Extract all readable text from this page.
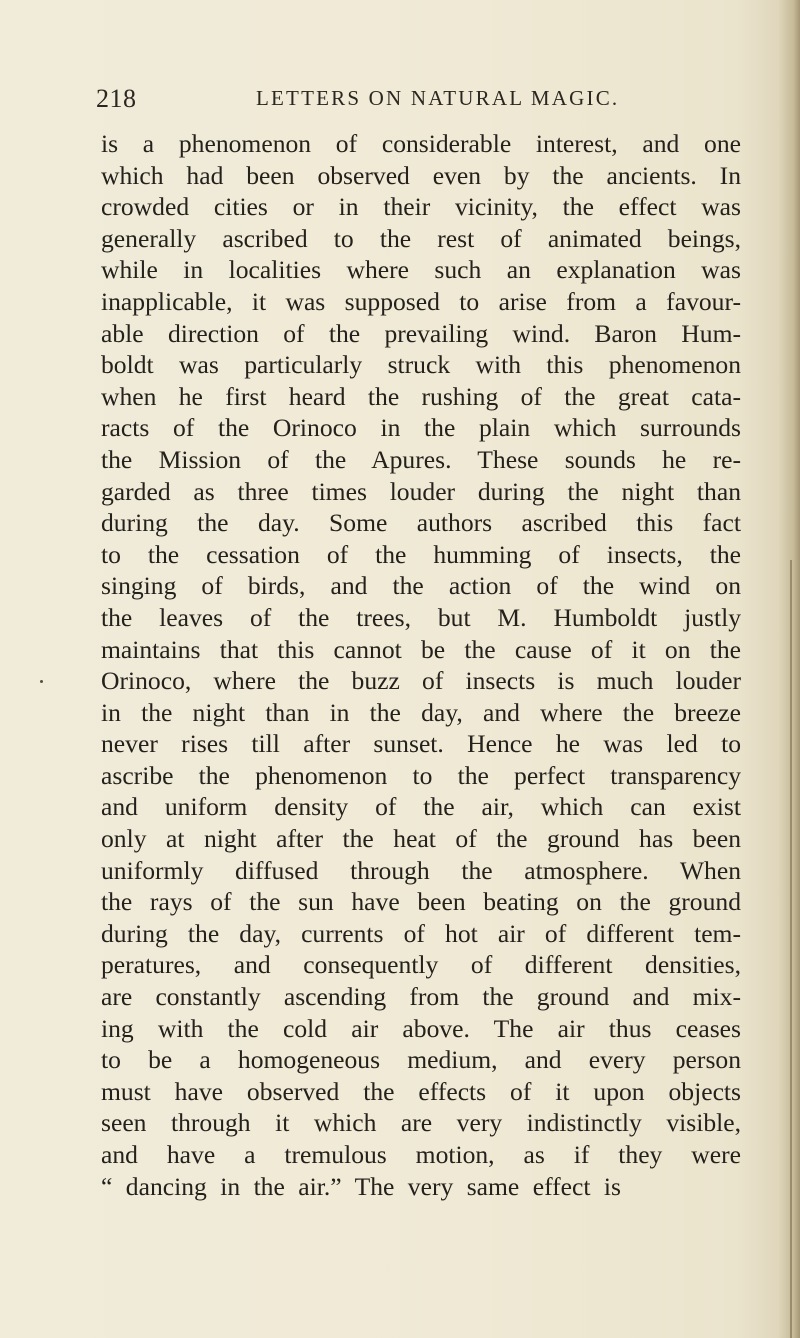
218	LETTERS ON NATURAL MAGIC.
is a phenomenon of considerable interest, and one
which had been observed even by the ancients. In
crowded cities or in their vicinity, the effect was
generally ascribed to the rest of animated beings,
while in localities where such an explanation was
inapplicable, it was supposed to arise from a favour-
able direction of the prevailing wind. Baron Hum-
boldt was particularly struck with this phenomenon
when he first heard the rushing of the great cata-
racts of the Orinoco in the plain which surrounds
the Mission of the Apures. These sounds he re-
garded as three times louder during the night than
during the day. Some authors ascribed this fact
to the cessation of the humming of insects, the
singing of birds, and the action of the wind on
the leaves of the trees, but M. Humboldt justly
maintains that this cannot be the cause of it on the
Orinoco, where the buzz of insects is much louder
in the night than in the day, and where the breeze
never rises till after sunset. Hence he was led to
ascribe the phenomenon to the perfect transparency
and uniform density of the air, which can exist
only at night after the heat of the ground has been
uniformly diffused through the atmosphere. When
the rays of the sun have been beating on the ground
during the day, currents of hot air of different tem-
peratures, and consequently of different densities,
are constantly ascending from the ground and mix-
ing with the cold air above. The air thus ceases
to be a homogeneous medium, and every person
must have observed the effects of it upon objects
seen through it which are very indistinctly visible,
and have a tremulous motion, as if they were
“ dancing in the air.” The very same effect is
